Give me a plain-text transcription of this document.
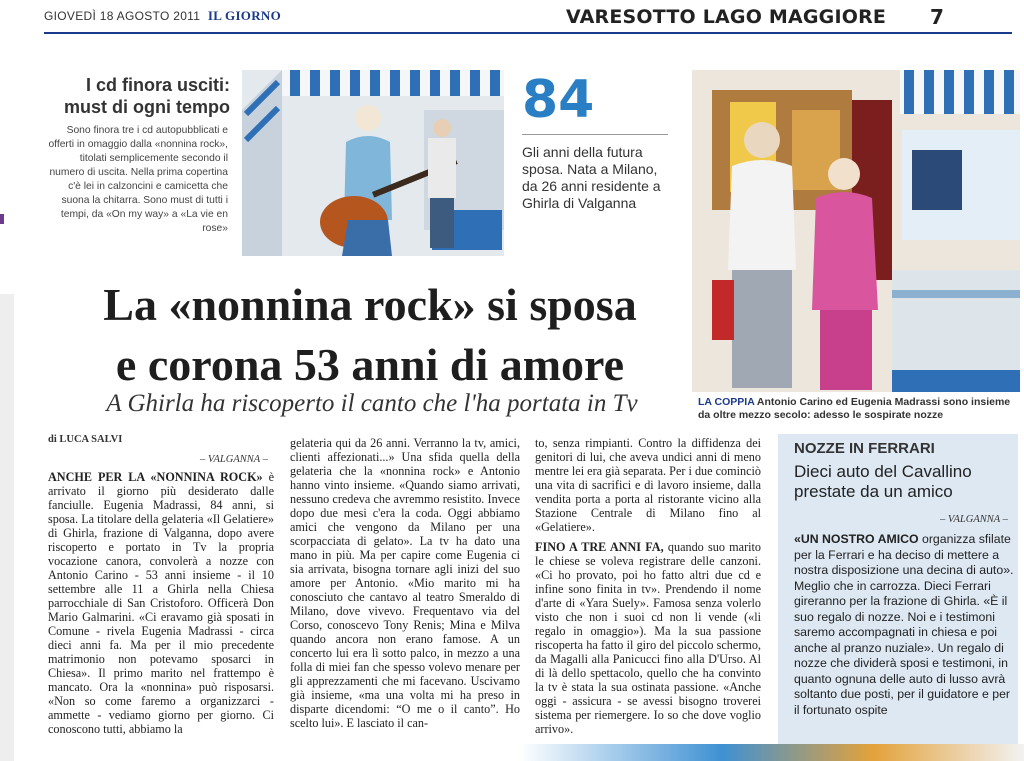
GIOVEDÌ 18 AGOSTO 2011 IL GIORNO	VARESOTTO LAGO MAGGIORE 7
I cd finora usciti: must di ogni tempo
Sono finora tre i cd autopubblicati e offerti in omaggio dalla «nonnina rock», titolati semplicemente secondo il numero di uscita. Nella prima copertina c'è lei in calzoncini e camicetta che suona la chitarra. Sono must di tutti i tempi, da «On my way» a «La vie en rose»
84
Gli anni della futura sposa. Nata a Milano, da 26 anni residente a Ghirla di Valganna
La «nonnina rock» si sposa
e corona 53 anni di amore
A Ghirla ha riscoperto il canto che l'ha portata in Tv	LA COPPIA Antonio Carino ed Eugenia Madrassi sono insieme da oltre mezzo secolo: adesso le sospirate nozze
di LUCA SALVI
– VALGANNA –
ANCHE PER LA «NONNINA ROCK» è arrivato il giorno più desiderato dalle fanciulle. Eugenia Madrassi, 84 anni, si sposa. La titolare della gelateria «Il Gelatiere» di Ghirla, frazione di Valganna, dopo avere riscoperto e portato in Tv la propria vocazione canora, convolerà a nozze con Antonio Carino - 53 anni insieme - il 10 settembre alle 11 a Ghirla nella Chiesa parrocchiale di San Cristoforo. Officerà Don Mario Galmarini. «Ci eravamo già sposati in Comune - rivela Eugenia Madrassi - circa dieci anni fa. Ma per il mio precedente matrimonio non potevamo sposarci in Chiesa». Il primo marito nel frattempo è mancato. Ora la «nonnina» può risposarsi. «Non so come faremo a organizzarci - ammette - vediamo giorno per giorno. Ci conoscono tutti, abbiamo la
gelateria qui da 26 anni. Verranno la tv, amici, clienti affezionati...» Una sfida quella della gelateria che la «nonnina rock» e Antonio hanno vinto insieme. «Quando siamo arrivati, nessuno credeva che avremmo resistito. Invece dopo due mesi c'era la coda. Oggi abbiamo amici che vengono da Milano per una scorpacciata di gelato». La tv ha dato una mano in più. Ma per capire come Eugenia ci sia arrivata, bisogna tornare agli inizi del suo amore per Antonio. «Mio marito mi ha conosciuto che cantavo al teatro Smeraldo di Milano, dove vivevo. Frequentavo via del Corso, conoscevo Tony Renis; Mina e Milva quando ancora non erano famose. A un concerto lui era lì sotto palco, in mezzo a una folla di miei fan che spesso volevo menare per gli apprezzamenti che mi facevano. Uscivamo già insieme, «ma una volta mi ha preso in disparte dicendomi: “O me o il canto”. Ho scelto lui». E lasciato il can-
to, senza rimpianti. Contro la diffidenza dei genitori di lui, che aveva undici anni di meno mentre lei era già separata. Per i due cominciò una vita di sacrifici e di lavoro insieme, dalla vendita porta a porta al ristorante vicino alla Stazione Centrale di Milano fino al «Gelatiere».
FINO A TRE ANNI FA, quando suo marito le chiese se voleva registrare delle canzoni. «Ci ho provato, poi ho fatto altri due cd e infine sono finita in tv». Prendendo il nome d'arte di «Yara Suely». Famosa senza volerlo visto che non i suoi cd non li vende («li regalo in omaggio»). Ma la sua passione riscoperta ha fatto il giro del piccolo schermo, da Magalli alla Panicucci fino alla D'Urso. Al di là dello spettacolo, quello che ha convinto la tv è stata la sua ostinata passione. «Anche oggi - assicura - se avessi bisogno troverei sistema per riemergere. Io so che dove voglio arrivo».
NOZZE IN FERRARI
Dieci auto del Cavallino prestate da un amico
– VALGANNA –
«UN NOSTRO AMICO organizza sfilate per la Ferrari e ha deciso di mettere a nostra disposizione una decina di auto». Meglio che in carrozza. Dieci Ferrari gireranno per la frazione di Ghirla. «È il suo regalo di nozze. Noi e i testimoni saremo accompagnati in chiesa e poi anche al pranzo nuziale». Un regalo di nozze che dividerà sposi e testimoni, in quanto ognuna delle auto di lusso avrà soltanto due posti, per il guidatore e per il fortunato ospite
